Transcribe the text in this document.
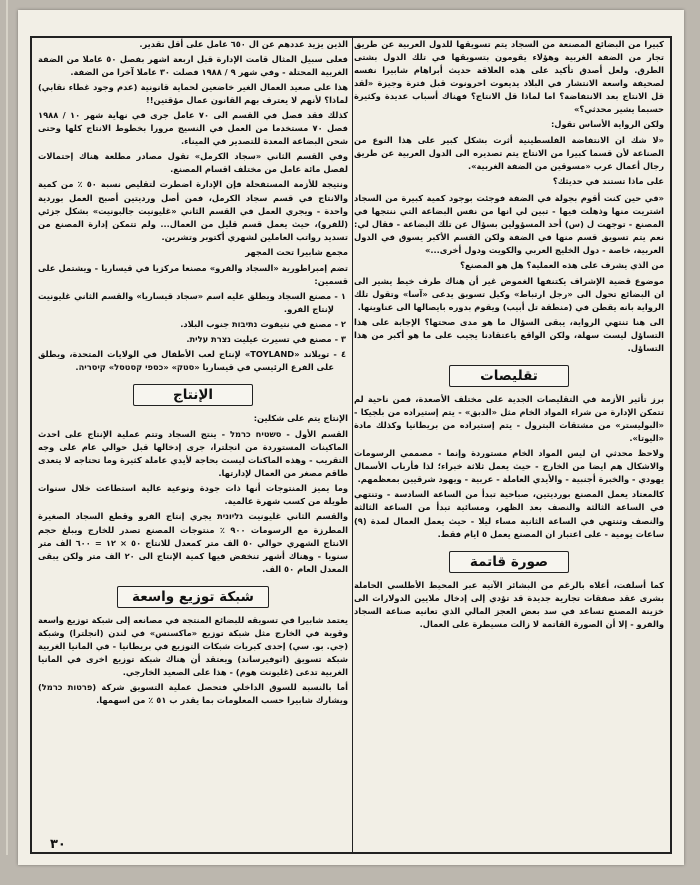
كبيرا من البضائع المصنعة من السجاد يتم تسويقها للدول العربية عن طريق تجار من الضفة الغربية وهؤلاء يقومون بتسويقها في تلك الدول بشتى الطرق. ولعل أصدق تأكيد على هذه العلاقة حديث أبراهام شابيرا نفسه لصحيفة واسعة الانتشار في البلاد يديعوت احرونوت قبل فترة وجيزة «لقد قل الانتاج بعد الانتفاضة؟ اما لماذا قل الانتاج؟ فهناك أسباب عديدة وكثيرة حسبما يشير محدثي؟»

ولكن الرواية الأساس تقول:

«لا شك ان الانتفاضة الفلسطينية أثرت بشكل كبير على هذا النوع من الصناعة لأن قسما كبيرا من الانتاج يتم تصديره الى الدول العربية عن طريق رجال أعمال عرب «مسوقين من الضفة الغربية».

على ماذا تستند في حديثك؟

«في حين كنت أقوم بجولة في الضفة فوجئت بوجود كمية كبيرة من السجاد اشتريت منها وذهلت فيها - تبين لي انها من نفس البضاعة التي ننتجها في المصنع - توجهت ل (س) أحد المسؤولين بسؤال عن تلك البضاعة - فقال لي: نعم يتم تسويق قسم منها في الضفة ولكن القسم الأكبر يسوق في الدول العربية، خاصة - دول الخليج العربي والكويت ودول أخرى...»

من الذي يشرف على هذه العملية؟ هل هو المصنع؟

موضوع قضية الإشراف يكتنفها الغموض غير أن هناك طرف خيط يشير الى ان البضائع تحول الى «رجل ارتباط» وكيل تسويق يدعى «آسا» وتقول تلك الرواية بانه يقطن في (منطقة تل أبيب) ويقوم بدوره بايصالها الى عناوينها.

الى هنا تنتهي الرواية، يبقى السؤال ما هو مدى صحتها؟ الإجابة على هذا التساؤل ليست سهلة، ولكن الواقع باعتقادنا يجيب على ما هو أكبر من هذا التساؤل.

تقليصات

برز تأثير الأزمة في التقليصات الجدية على مختلف الأصعدة، فمن ناحية لم تتمكن الإدارة من شراء المواد الخام مثل «الدبق» - يتم إستيراده من بلجيكا - «البوليستر» من مشتقات البترول - يتم إستيراده من بريطانيا وكذلك مادة «اليوتا».

ولاحظ محدثي ان ليس المواد الخام مستوردة وإنما - مصممي الرسومات والاشكال هم ايضا من الخارج - حيث يعمل ثلاثة خبراء؛ لذا فأرباب الأسمال يهودي - والخبرة أجنبية - والأيدي العاملة - عربية - ويهود شرقيين بمعظمهم.

كالمعتاد يعمل المصنع بورديتين، صباحية تبدأ من الساعة السادسة - وتنتهي في الساعة الثالثة والنصف بعد الظهر، ومسائية تبدأ من الساعة الثالثة والنصف وتنتهي في الساعة الثانية مساء ليلا - حيث يعمل العمال لمدة (٩) ساعات يومية - على اعتبار ان المصنع يعمل ٥ ايام فقط.

صورة قاتمة

كما أسلفت، أعلاه بالرغم من البشائر الآتية عبر المحيط الأطلسي الحاملة بشرى عقد صفقات تجارية جديدة قد تؤدي إلى إدخال ملايين الدولارات الى خزينة المصنع تساعد في سد بعض العجز المالي الذي تعانيه صناعة السجاد والفرو - إلا أن الصورة القاتمة لا زالت مسيطرة على العمال.

الذين يزيد عددهم عن ال ٦٥٠ عامل على أقل تقدير.

فعلى سبيل المثال قامت الإدارة قبل اربعة اشهر بفصل ٥٠ عاملا من الضفة الغربية المحتلة - وفي شهر ٩ / ١٩٨٨ فصلت ٣٠ عاملا آخرا من الضفة.

هذا على صعيد العمال الغير خاضعين لحماية قانونية (عدم وجود غطاء نقابي) لماذا؟ لأنهم لا يعترف بهم القانون عمال مؤقتين!!

كذلك فقد فصل في القسم الى ٧٠ عامل جرى في نهاية شهر ١٠ / ١٩٨٨ فصل ٧٠ مستخدما من العمل في النسيج مرورا بخطوط الانتاج كلها وحتى شحن البضاعة المعدة للتصدير في الميناء.

وفي القسم الثاني «سجاد الكرمل» تقول مصادر مطلعة هناك إحتمالات لفصل مائة عامل من مختلف اقسام المصنع.

ونتيجة للأزمة المستفحلة فإن الإدارة اضطرت لتقليص نسبة ٥٠ ٪ من كمية والانتاج في قسم سجاد الكرمل، فمن أصل ورديتين أصبح العمل بوردية واحدة - ويجري العمل في القسم الثاني «غليونيت جالبونيت» بشكل جزئي (للفرو)، حيث يعمل قسم قليل من العمال... ولم تتمكن إدارة المصنع من تسديد رواتب العاملين لشهري أكتوبر وتشرين.

مجمع شابيرا تحت المجهر

تضم إمبراطورية «السجاد والفرو» مصنعا مركزيا في قيساريا - ويشتمل على قسمين:

١ - مصنع السجاد ويطلق عليه اسم «سجاد قيساريا» والقسم الثاني غليونيت لإنتاج الفرو.

٢ - مصنع في نتيفوت נתיבות جنوب البلاد.

٣ - مصنع في تسيرت عيليت נצרת עלית.

٤ - تويلاند «TOYLAND» لإنتاج لعب الأطفال في الولايات المتحدة، ويطلق على الفرع الرئيسي في قيساريا «סטק» «כספי קסטסל» קיסריה.

الإنتاج

الإنتاج يتم على شكلين:

القسم الأول - סשטיח כרמל - ينتج السجاد وتتم عملية الإنتاج على احدث الماكينات المستوردة من انجلترا، جرى إدخالها قبل حوالي عام على وجه التقريب - وهذه الماكنات ليست بحاجة لأيدي عاملة كثيرة وما تحتاجه لا يتعدى طاقم مصغر من العمال لإدارتها.

وما يميز المنتوجات أنها ذات جودة ونوعية عالية استطاعت خلال سنوات طويلة من كسب شهرة عالمية.

والقسم الثاني غليونيت גליונית يجري إنتاج الفرو وقطع السجاد الصغيرة المطرزة مع الرسومات ٩٠٠ ٪ منتوجات المصنع تصدر للخارج ويبلغ حجم الانتاج الشهري حوالي ٥٠ الف متر كمعدل للانتاج ٥٠ × ١٢ = ٦٠٠ الف متر سنويا - وهناك أشهر تنخفض فيها كمية الإنتاج الى ٢٠ الف متر ولكن يبقى المعدل العام ٥٠ الف.

شبكة توزيع واسعة

يعتمد شابيرا في تسويقه للبضائع المنتجة في مصانعه إلى شبكة توزيع واسعة وقوية في الخارج مثل شبكة توزيع «ماكسنس» في لندن (انجلترا) وشبكة (جي. بو. سي) إحدى كبريات شبكات التوزيع في بريطانيا - في المانيا الغربية شبكة تسويق (اتوفيرساند) ويعتقد أن هناك شبكة توزيع اخرى في المانيا الغربية تدعى (غليونت هوم) - هذا على الصعيد الخارجي.

أما بالنسبة للسوق الداخلي فتحصل عملية التسويق شركة (פרטות כרמל) ويشارك شابيرا حسب المعلومات بما يقدر ب ٥١ ٪ من اسهمها.

٣٠
